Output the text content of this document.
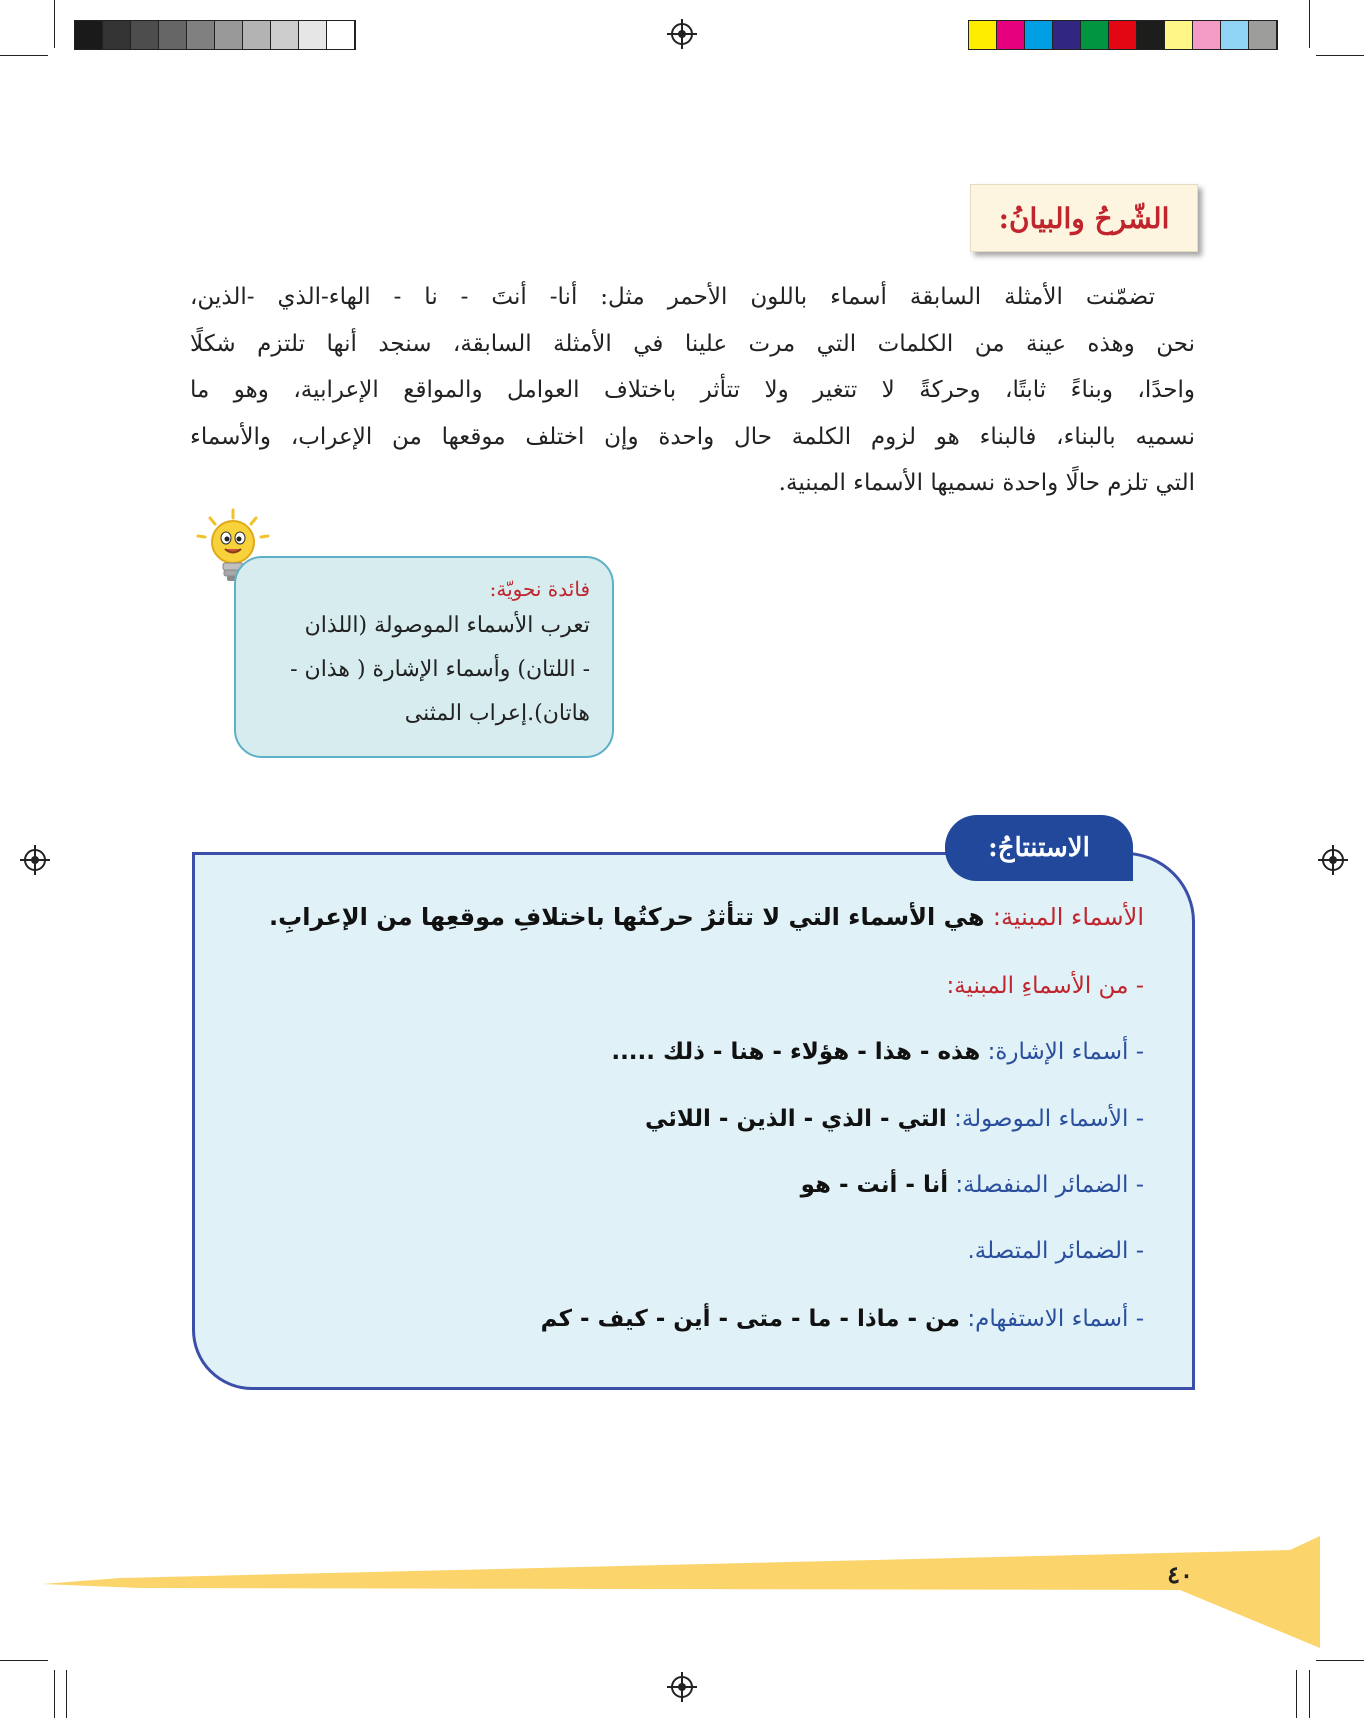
الشّرحُ والبيانُ:
تضمّنت الأمثلة السابقة أسماء باللون الأحمر مثل: أنا- أنتَ - نا - الهاء-الذي -الذين،
نحن وهذه عينة من الكلمات التي مرت علينا في الأمثلة السابقة، سنجد أنها تلتزم شكلًا
واحدًا، وبناءً ثابتًا، وحركةً لا تتغير ولا تتأثر باختلاف العوامل والمواقع الإعرابية، وهو ما
نسميه بالبناء، فالبناء هو لزوم الكلمة حال واحدة وإن اختلف موقعها من الإعراب، والأسماء
التي تلزم حالًا واحدة نسميها الأسماء المبنية.
فائدة نحويّة:
تعرب الأسماء الموصولة (اللذان
- اللتان) وأسماء الإشارة ( هذان -
هاتان).إعراب المثنى
الاستنتاجُ:
الأسماء المبنية: هي الأسماء التي لا تتأثرُ حركتُها باختلافِ موقعِها من الإعرابِ.
- من الأسماءِ المبنية:
- أسماء الإشارة: هذه - هذا - هؤلاء - هنا - ذلك .....
- الأسماء الموصولة: التي - الذي - الذين - اللائي
- الضمائر المنفصلة: أنا - أنت - هو
- الضمائر المتصلة.
- أسماء الاستفهام: من - ماذا - ما - متى - أين - كيف - كم
٤٠
